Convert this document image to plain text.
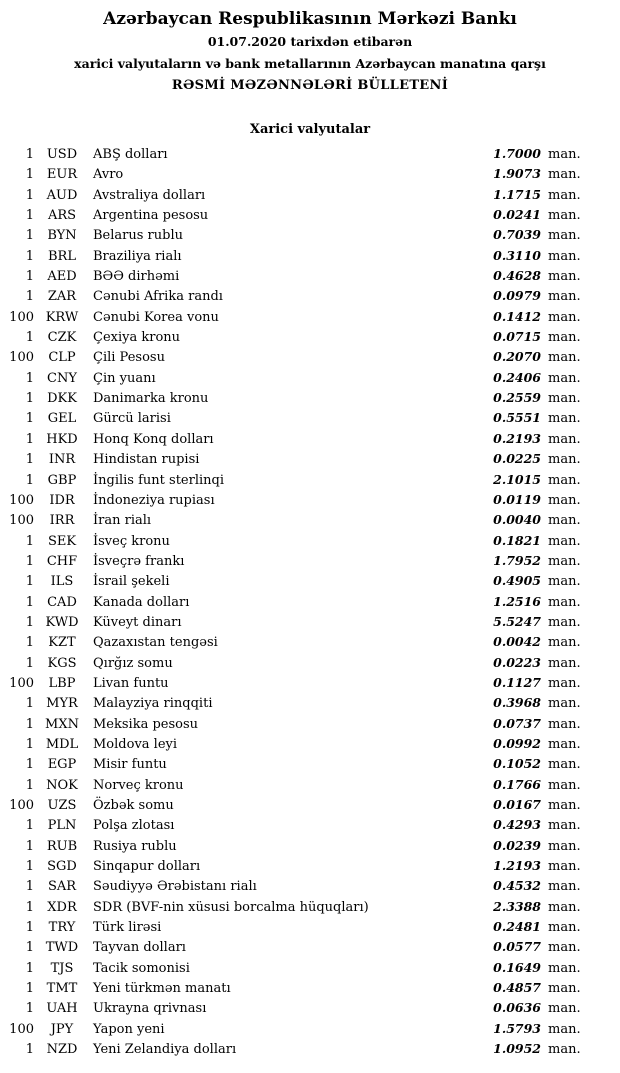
Azərbaycan Respublikasının Mərkəzi Bankı
01.07.2020 tarixdən etibarən
xarici valyutaların və bank metallarının Azərbaycan manatına qarşı
RƏSMİ MƏZƏNNƏLƏRİ BÜLLETENİ
Xarici valyutalar
1 USD	ABŞ dolları	1.7000 man.
1 EUR	Avro	1.9073 man.
1 AUD	Avstraliya dolları	1.1715 man.
1	ARS	Argentina pesosu	0.0241 man.
1	BYN	Belarus rublu	0.7039 man.
1	BRL	Braziliya rialı	0.3110 man.
1	AED	BƏƏ dirhəmi	0.4628 man.
1	ZAR	Cənubi Afrika randı	0.0979 man.
100 KRW	Cənubi Korea vonu	0.1412 man.
1	CZK	Çexiya kronu	0.0715 man.
100	CLP	Çili Pesosu	0.2070 man.
1	CNY	Çin yuanı	0.2406 man.
1	DKK	Danimarka kronu	0.2559 man.
1	GEL	Gürcü larisi	0.5551 man.
1 HKD	Honq Konq dolları	0.2193 man.
1	INR	Hindistan rupisi	0.0225 man.
1	GBP	İngilis funt sterlinqi	2.1015 man.
100	IDR	İndoneziya rupiası	0.0119 man.
100	IRR	İran rialı	0.0040 man.
1	SEK	İsveç kronu	0.1821 man.
1 CHF	İsveçrə frankı	1.7952 man.
1	ILS	İsrail şekeli	0.4905 man.
1	CAD	Kanada dolları	1.2516 man.
1 KWD	Küveyt dinarı	5.5247 man.
1	KZT	Qazaxıstan tengəsi	0.0042 man.
1	KGS	Qırğız somu	0.0223 man.
100	LBP	Livan funtu	0.1127 man.
1 MYR	Malayziya rinqqiti	0.3968 man.
1 MXN	Meksika pesosu	0.0737 man.
1 MDL	Moldova leyi	0.0992 man.
1	EGP	Misir funtu	0.1052 man.
1 NOK	Norveç kronu	0.1766 man.
100	UZS	Özbək somu	0.0167 man.
1	PLN	Polşa zlotası	0.4293 man.
1 RUB	Rusiya rublu	0.0239 man.
1	SGD	Sinqapur dolları	1.2193 man.
1	SAR	Səudiyyə Ərəbistanı rialı	0.4532 man.
1	XDR	SDR (BVF-nin xüsusi borcalma hüquqları)	2.3388 man.
1	TRY	Türk lirəsi	0.2481 man.
1 TWD	Tayvan dolları	0.0577 man.
1	TJS	Tacik somonisi	0.1649 man.
1 TMT	Yeni türkmən manatı	0.4857 man.
1 UAH	Ukrayna qrivnası	0.0636 man.
100	JPY	Yapon yeni	1.5793 man.
1 NZD	Yeni Zelandiya dolları	1.0952 man.
